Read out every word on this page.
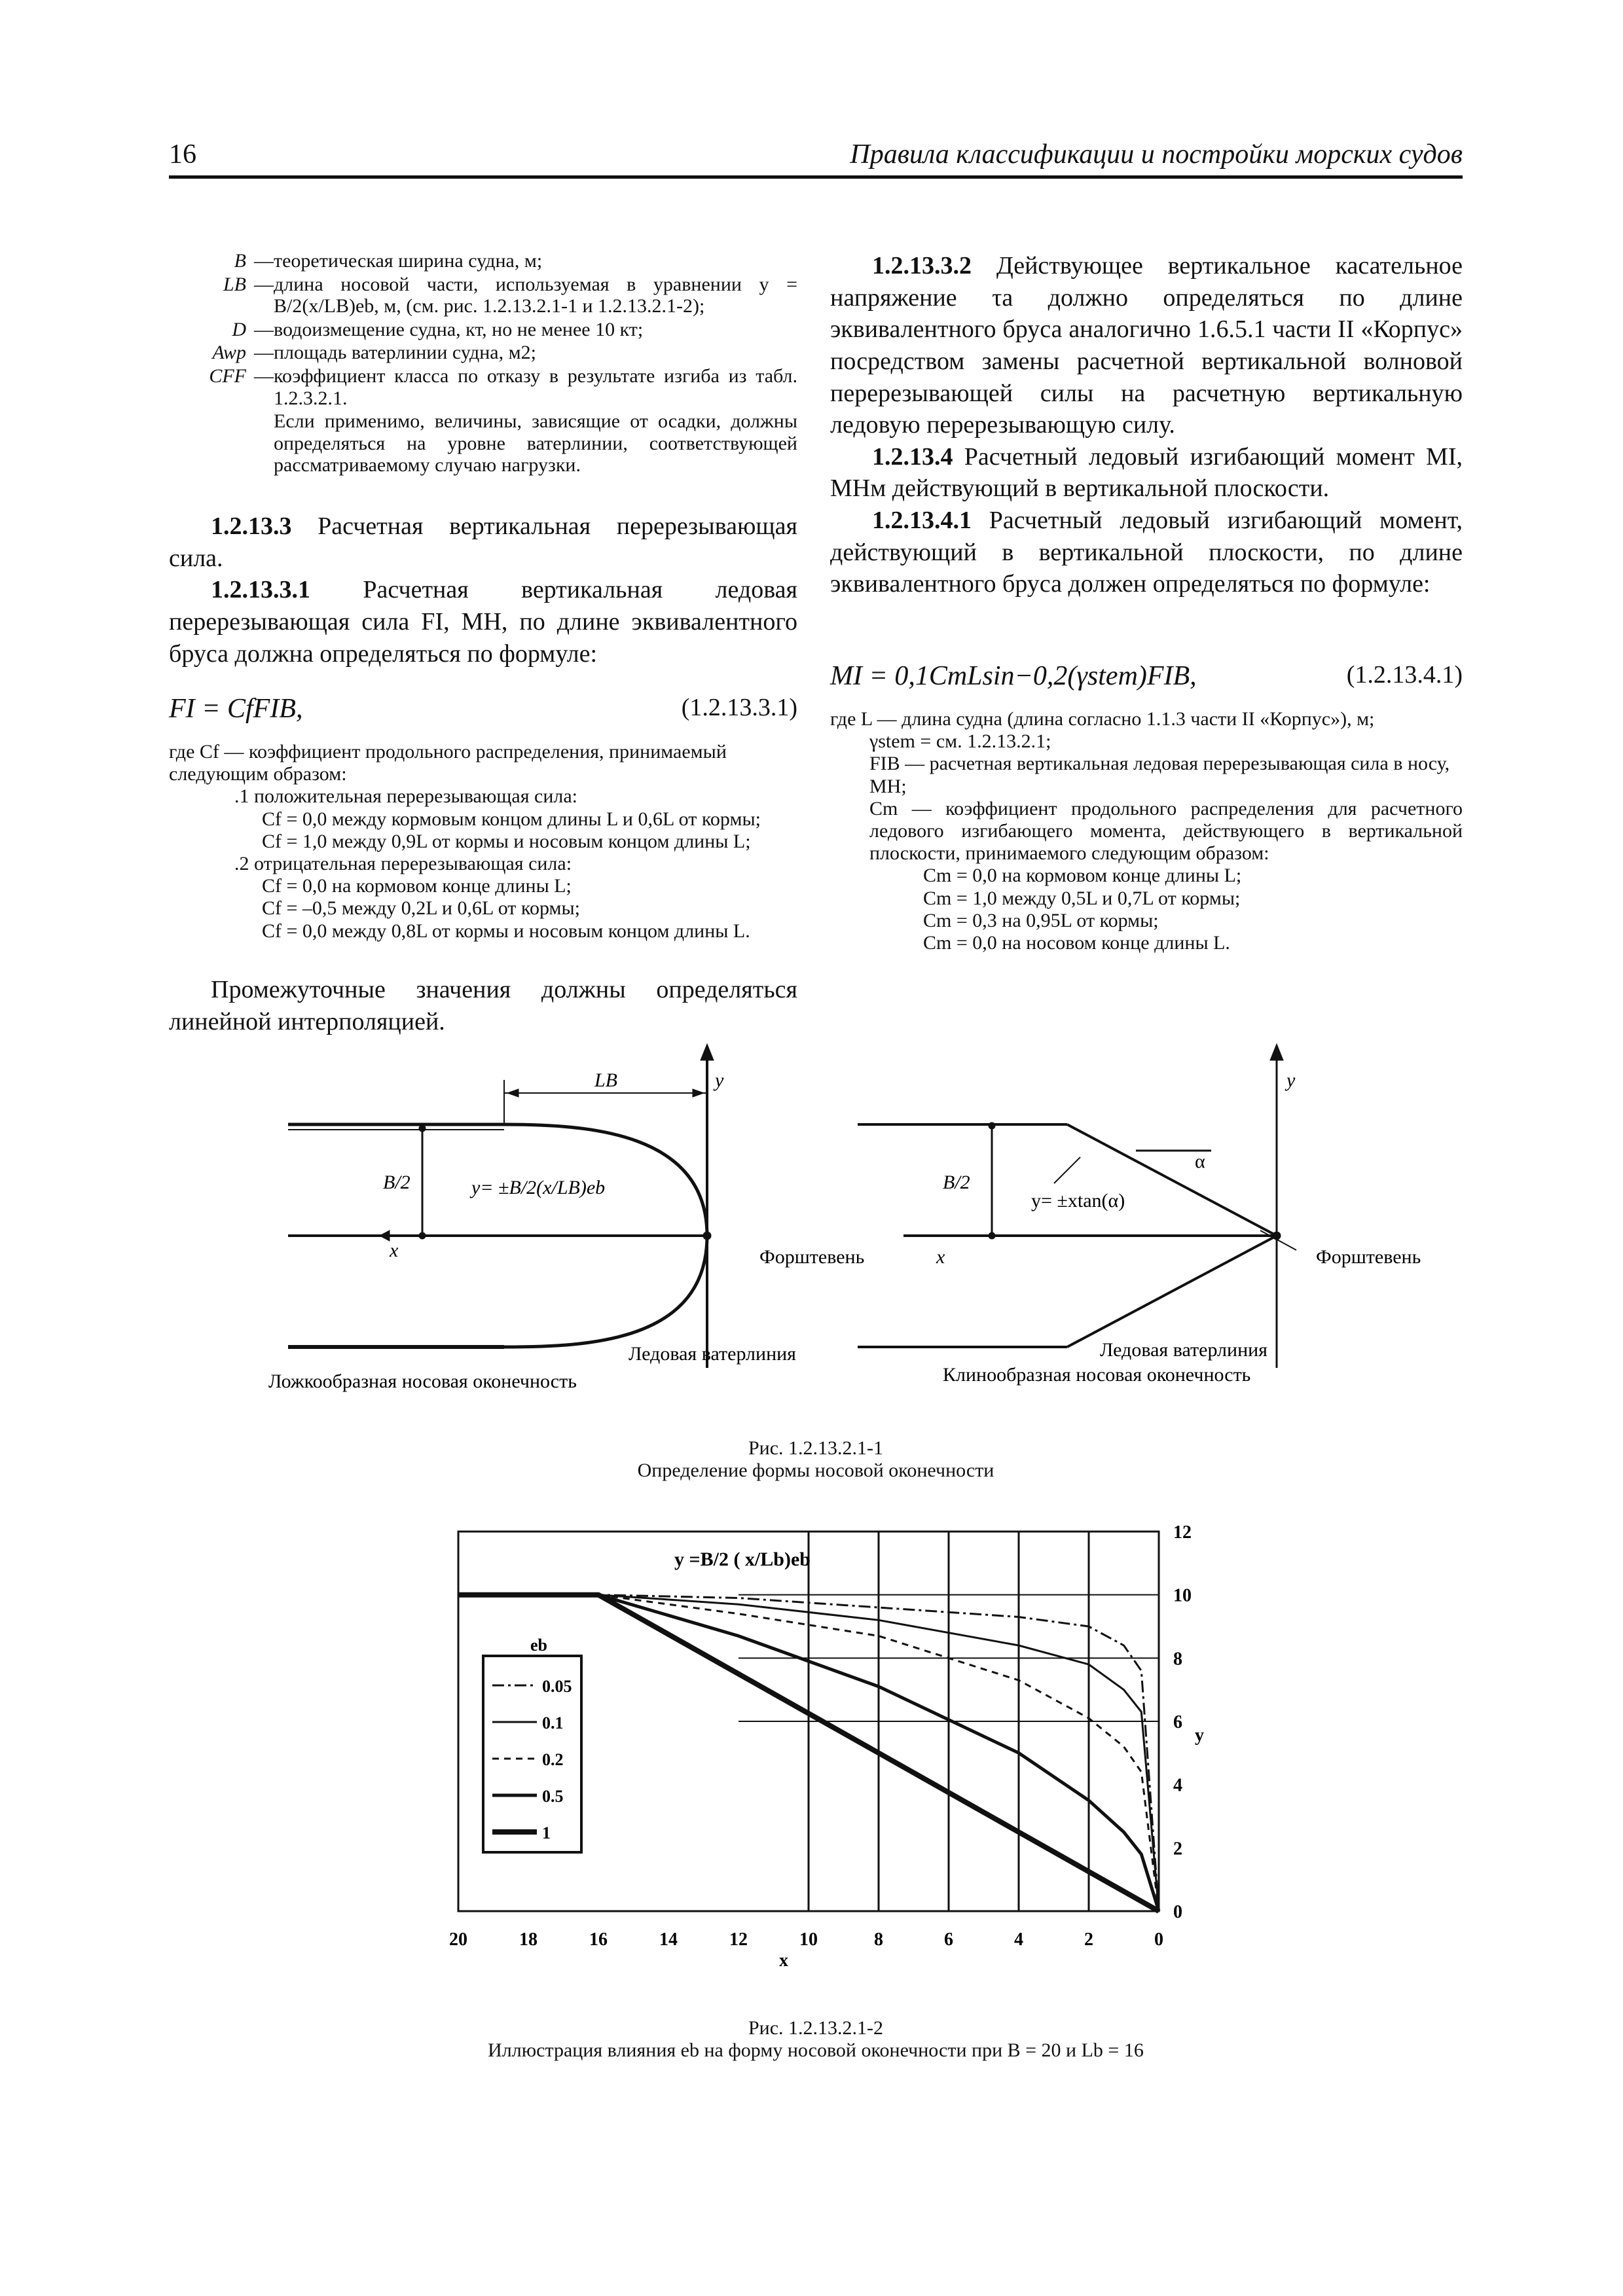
16	Правила классификации и постройки морских судов
B — теоретическая ширина судна, м;
LB — длина носовой части, используемая в уравнении y = B/2(x/LB)eb, м, (см. рис. 1.2.13.2.1-1 и 1.2.13.2.1-2);
D — водоизмещение судна, кт, но не менее 10 кт;
Awp — площадь ватерлинии судна, м2;
CFF — коэффициент класса по отказу в результате изгиба из табл. 1.2.3.2.1.
Если применимо, величины, зависящие от осадки, должны определяться на уровне ватерлинии, соответствующей рассматриваемому случаю нагрузки.

1.2.13.3 Расчетная вертикальная перерезывающая сила.

1.2.13.3.1 Расчетная вертикальная ледовая перерезывающая сила FI, МН, по длине эквивалентного бруса должна определяться по формуле:

FI = CfFIB,	(1.2.13.3.1)
где Cf — коэффициент продольного распределения, принимаемый следующим образом:
.1 положительная перерезывающая сила:
Cf = 0,0 между кормовым концом длины L и 0,6L от кормы;
Cf = 1,0 между 0,9L от кормы и носовым концом длины L;
.2 отрицательная перерезывающая сила:
Cf = 0,0 на кормовом конце длины L;
Cf = –0,5 между 0,2L и 0,6L от кормы;
Cf = 0,0 между 0,8L от кормы и носовым концом длины L.

Промежуточные значения должны определяться линейной интерполяцией.

1.2.13.3.2 Действующее вертикальное касательное напряжение τa должно определяться по длине эквивалентного бруса аналогично 1.6.5.1 части II «Корпус» посредством замены расчетной вертикальной волновой перерезывающей силы на расчетную вертикальную ледовую перерезывающую силу.

1.2.13.4 Расчетный ледовый изгибающий момент MI, МНм действующий в вертикальной плоскости.

1.2.13.4.1 Расчетный ледовый изгибающий момент, действующий в вертикальной плоскости, по длине эквивалентного бруса должен определяться по формуле:

MI = 0,1CmLsin−0,2(γstem)FIB,	(1.2.13.4.1)
где L — длина судна (длина согласно 1.1.3 части II «Корпус»), м;
γstem = см. 1.2.13.2.1;
FIB — расчетная вертикальная ледовая перерезывающая сила в носу, МН;
Cm — коэффициент продольного распределения для расчетного ледового изгибающего момента, действующего в вертикальной плоскости, принимаемого следующим образом:
Cm = 0,0 на кормовом конце длины L;
Cm = 1,0 между 0,5L и 0,7L от кормы;
Cm = 0,3 на 0,95L от кормы;
Cm = 0,0 на носовом конце длины L.
LB	y
B/2	y= ±B/2(x/LB)eb
x	Форштевень
Ледовая ватерлиния
Ложкообразная носовая оконечность
y
α
B/2
y= ±xtan(α)
x	Форштевень
Ледовая ватерлиния
Клинообразная носовая оконечность
Рис. 1.2.13.2.1-1
Определение формы носовой оконечности
20	18	16	14	12	10	8	6	4	2	0
0
2
4
6
8
10
12
y =B/2 ( x/Lb)eb
x
y
eb
0.05
0.1
0.2
0.5
1
Рис. 1.2.13.2.1-2
Иллюстрация влияния eb на форму носовой оконечности при B = 20 и Lb = 16
